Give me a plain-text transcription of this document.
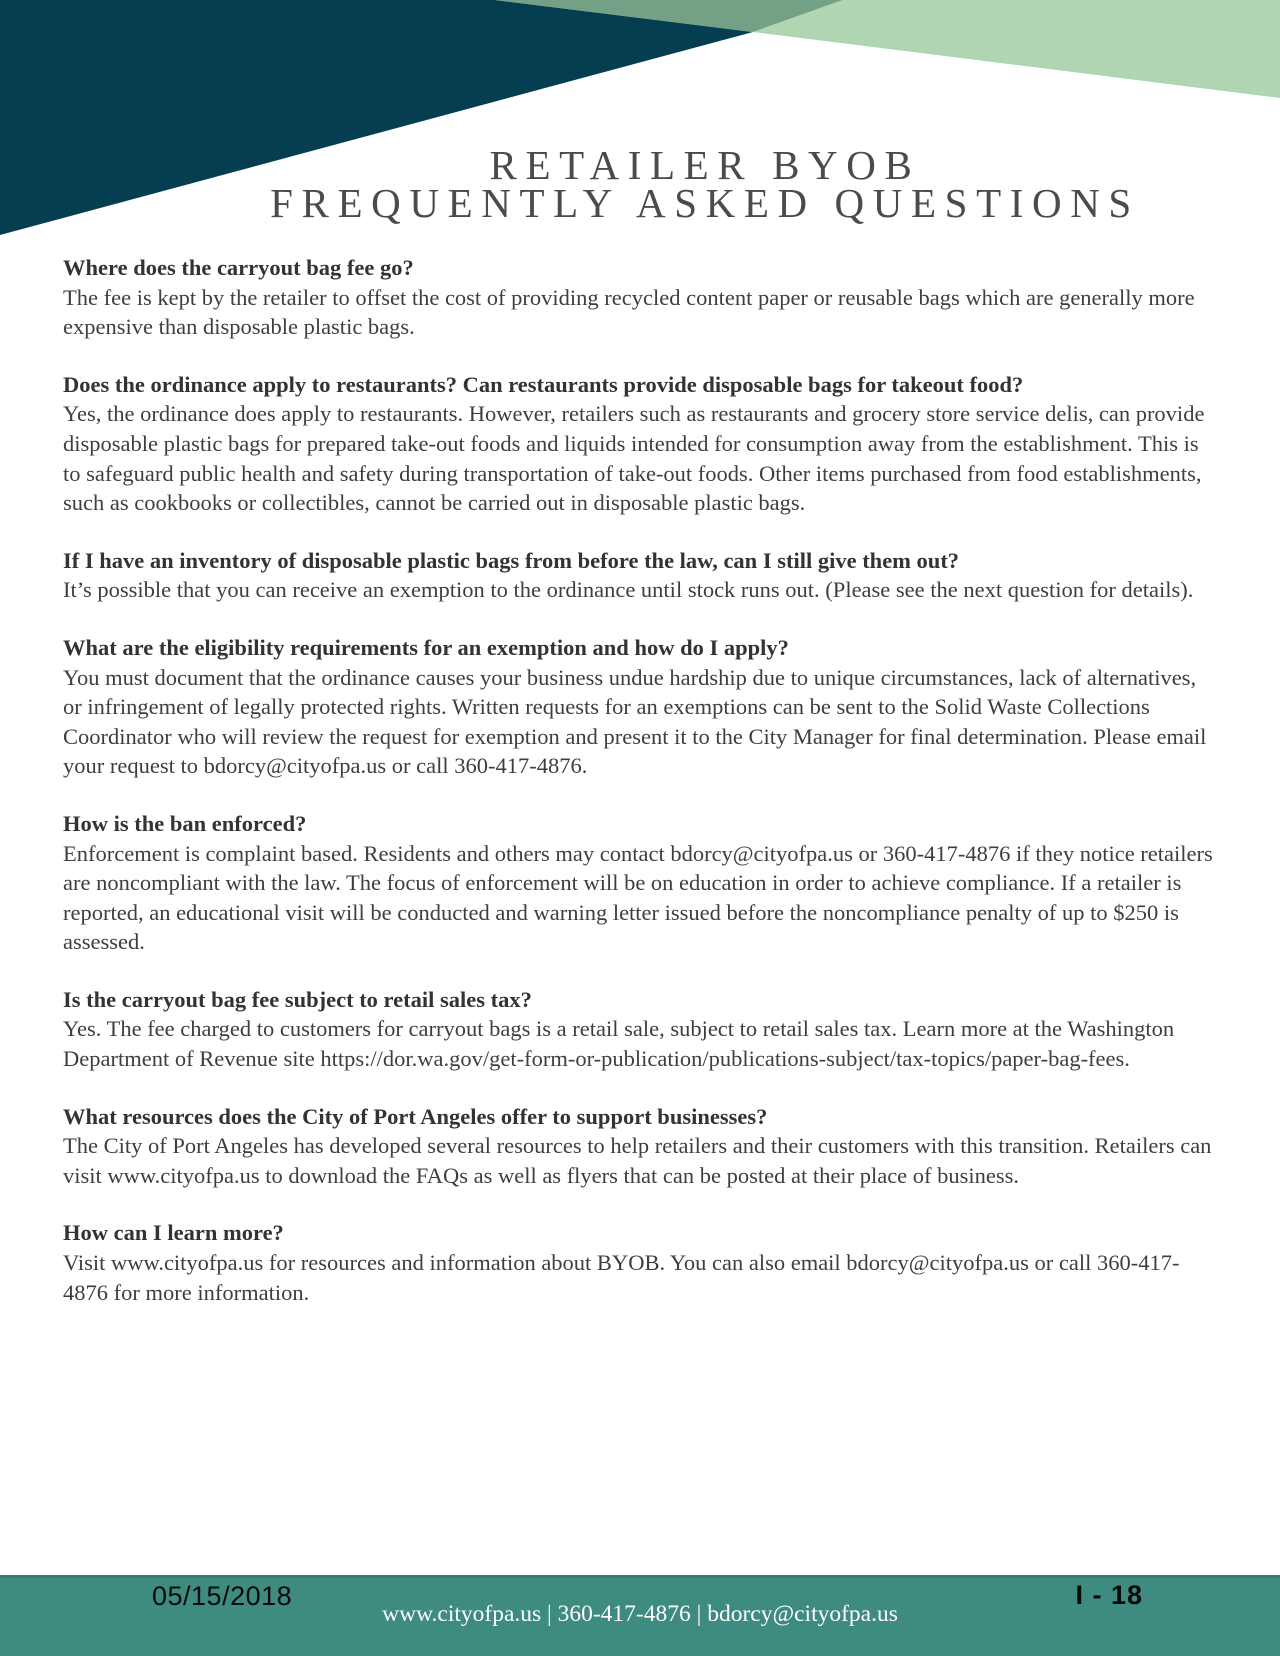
RETAILER BYOB
FREQUENTLY ASKED QUESTIONS
Where does the carryout bag fee go?

The fee is kept by the retailer to offset the cost of providing recycled content paper or reusable bags which are generally more expensive than disposable plastic bags.

Does the ordinance apply to restaurants? Can restaurants provide disposable bags for takeout food?

Yes, the ordinance does apply to restaurants. However, retailers such as restaurants and grocery store service delis, can provide disposable plastic bags for prepared take-out foods and liquids intended for consumption away from the establishment. This is to safeguard public health and safety during transportation of take-out foods. Other items purchased from food establishments, such as cookbooks or collectibles, cannot be carried out in disposable plastic bags.

If I have an inventory of disposable plastic bags from before the law, can I still give them out?

It’s possible that you can receive an exemption to the ordinance until stock runs out. (Please see the next question for details).

What are the eligibility requirements for an exemption and how do I apply?

You must document that the ordinance causes your business undue hardship due to unique circumstances, lack of alternatives, or infringement of legally protected rights. Written requests for an exemptions can be sent to the Solid Waste Collections Coordinator who will review the request for exemption and present it to the City Manager for final determination. Please email your request to bdorcy@cityofpa.us or call 360-417-4876.

How is the ban enforced?

Enforcement is complaint based. Residents and others may contact bdorcy@cityofpa.us or 360-417-4876 if they notice retailers are noncompliant with the law. The focus of enforcement will be on education in order to achieve compliance. If a retailer is reported, an educational visit will be conducted and warning letter issued before the noncompliance penalty of up to $250 is assessed.

Is the carryout bag fee subject to retail sales tax?

Yes. The fee charged to customers for carryout bags is a retail sale, subject to retail sales tax. Learn more at the Washington Department of Revenue site https://dor.wa.gov/get-form-or-publication/publications-subject/tax-topics/paper-bag-fees.

What resources does the City of Port Angeles offer to support businesses?

The City of Port Angeles has developed several resources to help retailers and their customers with this transition. Retailers can visit www.cityofpa.us to download the FAQs as well as flyers that can be posted at their place of business.

How can I learn more?

Visit www.cityofpa.us for resources and information about BYOB. You can also email bdorcy@cityofpa.us or call 360-417-4876 for more information.

05/15/2018	I - 18
www.cityofpa.us | 360-417-4876 | bdorcy@cityofpa.us
